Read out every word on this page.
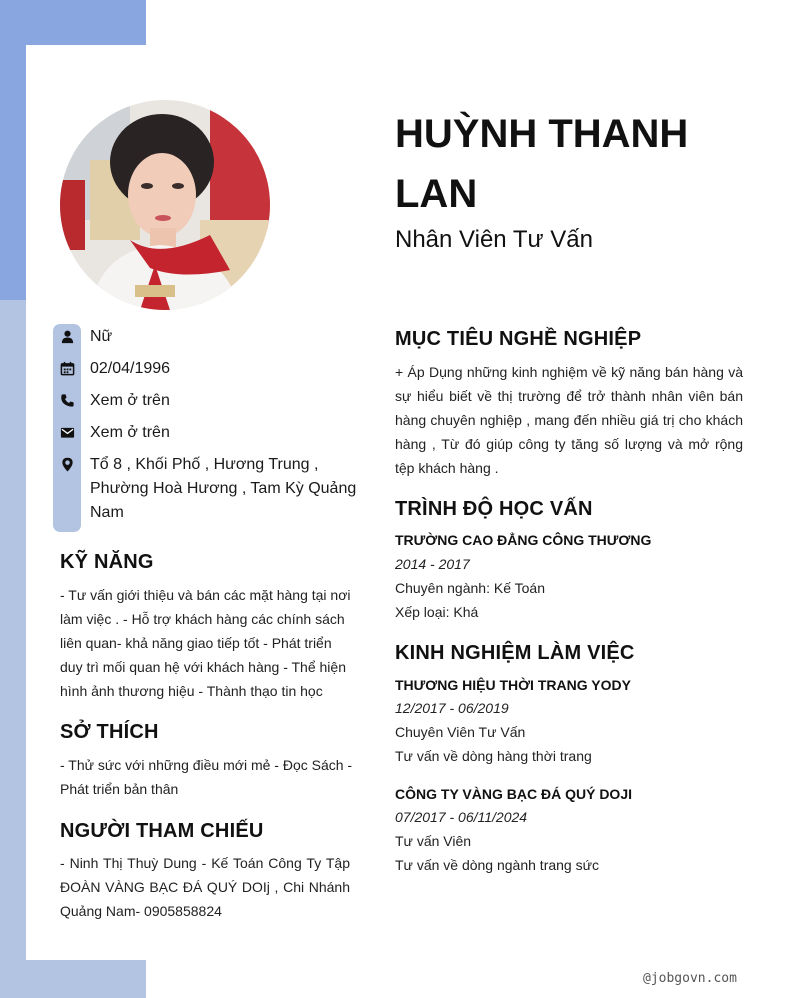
Nữ
02/04/1996
Xem ở trên
Xem ở trên
Tổ 8 , Khối Phố , Hương Trung , Phường Hoà Hương , Tam Kỳ Quảng Nam
KỸ NĂNG
- Tư vấn giới thiệu và bán các mặt hàng tại nơi làm việc . - Hỗ trợ khách hàng các chính sách liên quan- khả năng giao tiếp tốt - Phát triển duy trì mối quan hệ với khách hàng - Thể hiện hình ảnh thương hiệu - Thành thạo tin học
SỞ THÍCH
- Thử sức với những điều mới mẻ - Đọc Sách - Phát triển bản thân
NGƯỜI THAM CHIẾU
- Ninh Thị Thuỳ Dung - Kế Toán Công Ty Tập ĐOÀN VÀNG BẠC ĐÁ QUÝ DOIj , Chi Nhánh Quảng Nam- 0905858824
HUỲNH THANH LAN
Nhân Viên Tư Vấn
MỤC TIÊU NGHỀ NGHIỆP
+ Áp Dụng những kinh nghiệm về kỹ năng bán hàng và sự hiểu biết về thị trường để trở thành nhân viên bán hàng chuyên nghiệp , mang đến nhiều giá trị cho khách hàng , Từ đó giúp công ty tăng số lượng và mở rộng tệp khách hàng .
TRÌNH ĐỘ HỌC VẤN
TRƯỜNG CAO ĐẲNG CÔNG THƯƠNG
2014 - 2017
Chuyên ngành: Kế Toán
Xếp loại: Khá
KINH NGHIỆM LÀM VIỆC
THƯƠNG HIỆU THỜI TRANG YODY
12/2017 - 06/2019
Chuyên Viên Tư Vấn
Tư vấn về dòng hàng thời trang
CÔNG TY VÀNG BẠC ĐÁ QUÝ DOJI
07/2017 - 06/11/2024
Tư vấn Viên
Tư vấn về dòng ngành trang sức
@jobgovn.com
